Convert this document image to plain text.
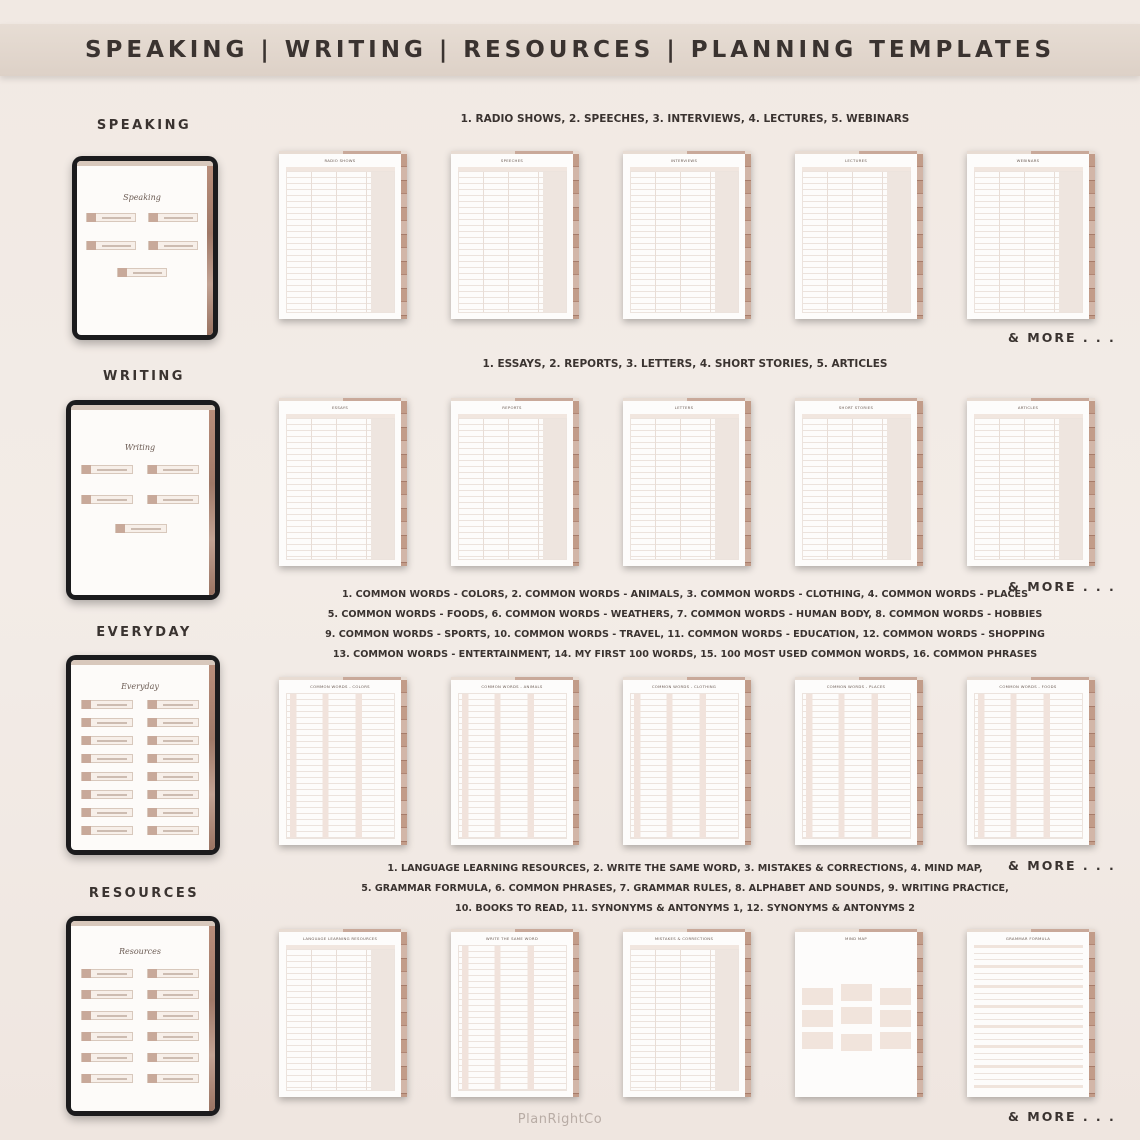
SPEAKING | WRITING | RESOURCES | PLANNING TEMPLATES
SPEAKING	1. RADIO SHOWS, 2. SPEECHES, 3. INTERVIEWS, 4. LECTURES, 5. WEBINARS
Speaking
RADIO SHOWS	SPEECHES	INTERVIEWS	LECTURES	WEBINARS
& MORE . . .
WRITING
1. ESSAYS, 2. REPORTS, 3. LETTERS, 4. SHORT STORIES, 5. ARTICLES
Writing
ESSAYS	REPORTS	LETTERS	SHORT STORIES	ARTICLES
& MORE . . .
EVERYDAY
1. COMMON WORDS - COLORS, 2. COMMON WORDS - ANIMALS, 3. COMMON WORDS - CLOTHING, 4. COMMON WORDS - PLACES
5. COMMON WORDS - FOODS, 6. COMMON WORDS - WEATHERS, 7. COMMON WORDS - HUMAN BODY, 8. COMMON WORDS - HOBBIES
9. COMMON WORDS - SPORTS, 10. COMMON WORDS - TRAVEL, 11. COMMON WORDS - EDUCATION, 12. COMMON WORDS - SHOPPING
13. COMMON WORDS - ENTERTAINMENT, 14. MY FIRST 100 WORDS, 15. 100 MOST USED COMMON WORDS, 16. COMMON PHRASES
Everyday	COMMON WORDS - COLORS	COMMON WORDS - ANIMALS	COMMON WORDS - CLOTHING	COMMON WORDS - PLACES	COMMON WORDS - FOODS
& MORE . . .
RESOURCES
1. LANGUAGE LEARNING RESOURCES, 2. WRITE THE SAME WORD, 3. MISTAKES & CORRECTIONS, 4. MIND MAP,
5. GRAMMAR FORMULA, 6. COMMON PHRASES, 7. GRAMMAR RULES, 8. ALPHABET AND SOUNDS, 9. WRITING PRACTICE,
10. BOOKS TO READ, 11. SYNONYMS & ANTONYMS 1, 12. SYNONYMS & ANTONYMS 2
Resources
LANGUAGE LEARNING RESOURCES	WRITE THE SAME WORD	MISTAKES & CORRECTIONS	MIND MAP	GRAMMAR FORMULA
& MORE . . .
PlanRightCo
